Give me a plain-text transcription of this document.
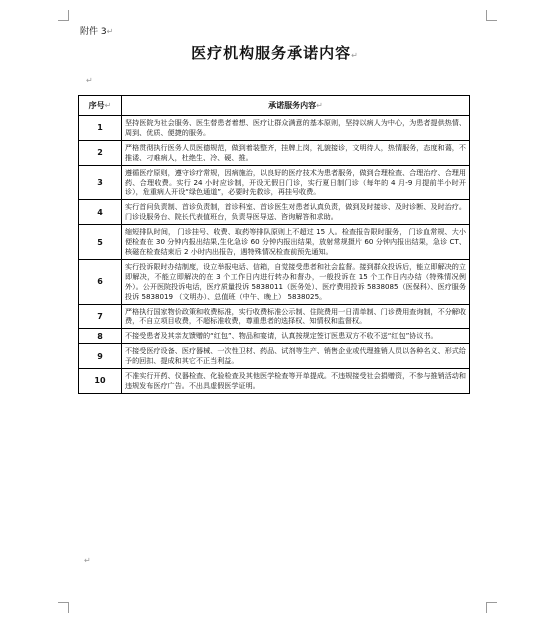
附件 3↵
医疗机构服务承诺内容↵
↵
序号↵	承诺服务内容↵
1	坚持医院为社会服务、医生替患者着想、医疗让群众满意的基本原则，坚持以病人为中心，为患者提供热情、周到、优质、便捷的服务。
2	严格贯彻执行医务人员医德规范，做到着装整齐，挂牌上岗，礼貌接诊，文明待人，热情服务，态度和蔼，不推诿、刁难病人，杜绝生、冷、硬、推。
3	遵循医疗原则，遵守诊疗常规，因病施治，以良好的医疗技术为患者服务，做到合理检查、合理治疗、合理用药、合理收费。实行 24 小时应诊制，开设无假日门诊，实行夏日制门诊（每年的 4 月-9 月提前半小时开诊），危重病人开设“绿色通道”，必要时先救诊，再挂号收费。
4	实行首问负责制、首诊负责制，首诊科室、首诊医生对患者认真负责，做到及时接诊、及时诊断、及时治疗。 门诊设服务台、院长代表值班台，负责导医导送、咨询解答和求助。
5	缩短排队时间， 门诊挂号、收费、取药等排队原则上不超过 15 人。检查报告限时服务， 门诊血常规、大小便检查在 30 分钟内报出结果,生化急诊 60 分钟内报出结果，放射常规摄片 60 分钟内报出结果，急诊 CT、核磁在检查结束后 2 小时内出报告，遇特殊情况检查前预先通知。
6	实行投诉限时办结制度，设立举报电话、信箱，自觉接受患者和社会监督。接到群众投诉后，能立即解决的立即解决，不能立即解决的在 3 个工作日内进行转办和督办，一般投诉在 15 个工作日内办结（特殊情况例外）。公开医院投诉电话，医疗质量投诉 5838011（医务处）、医疗费用投诉 5838085（医保科）、医疗服务投诉 5838019 （文明办）、总值班（中午、晚上） 5838025。
7	严格执行国家物价政策和收费标准，实行收费标准公示制、住院费用一日清单制、门诊费用查询制，不分解收费，不自立项目收费，不超标准收费，尊重患者的选择权、知情权和监督权。
8	不接受患者及其亲友馈赠的“红包”、物品和宴请，认真按规定签订医患双方不收不送“红包”协议书。
9	不接受医疗设备、医疗器械、一次性卫材、药品、试剂等生产、销售企业或代理推销人员以各种名义、形式给予的回扣、提成和其它不正当利益。
10	不准实行开药、仪器检查、化验检查及其他医学检查等开单提成。不违规接受社会捐赠资，不参与推销活动和违规发布医疗广告。不出具虚假医学证明。
↵
